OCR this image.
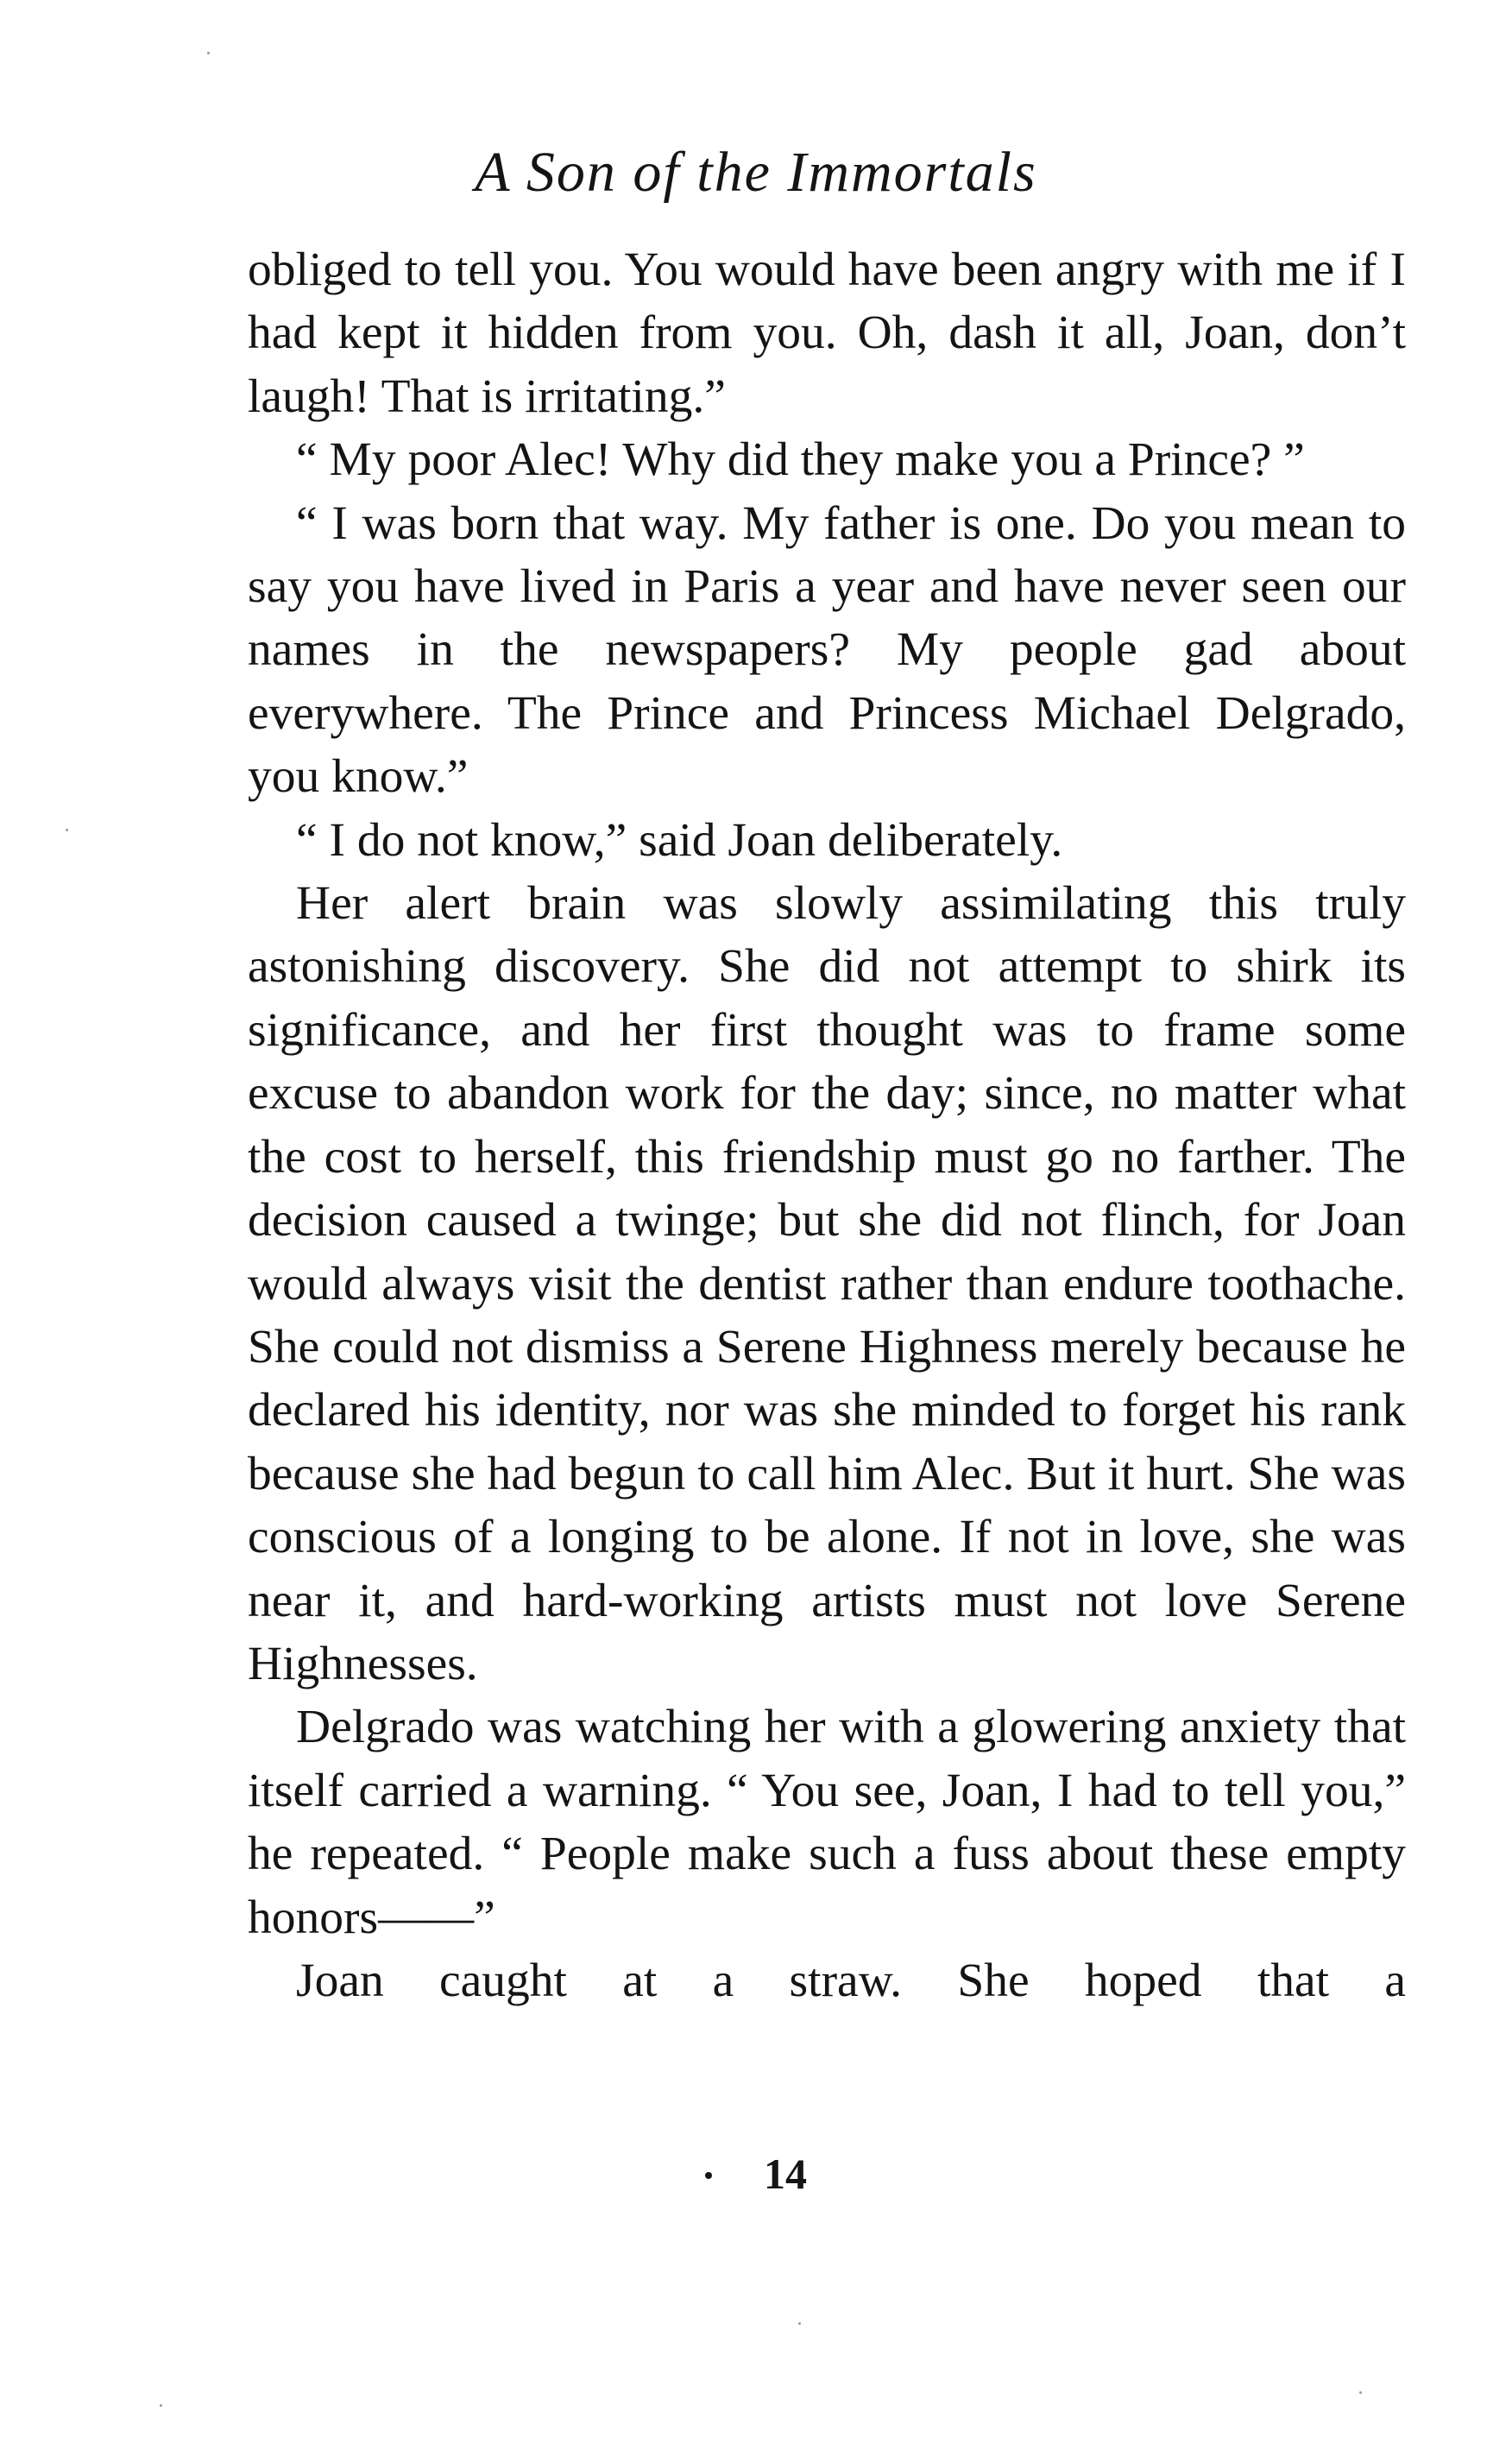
A Son of the Immortals

obliged to tell you. You would have been angry with me if I had kept it hidden from you. Oh, dash it all, Joan, don’t laugh! That is irritating.”

“ My poor Alec! Why did they make you a Prince? ”

“ I was born that way. My father is one. Do you mean to say you have lived in Paris a year and have never seen our names in the newspapers? My people gad about everywhere. The Prince and Princess Michael Delgrado, you know.”

“ I do not know,” said Joan deliberately.

Her alert brain was slowly assimilating this truly astonishing discovery. She did not attempt to shirk its significance, and her first thought was to frame some excuse to abandon work for the day; since, no matter what the cost to herself, this friendship must go no farther. The decision caused a twinge; but she did not flinch, for Joan would always visit the dentist rather than endure toothache. She could not dismiss a Serene Highness merely because he declared his identity, nor was she minded to forget his rank because she had begun to call him Alec. But it hurt. She was conscious of a longing to be alone. If not in love, she was near it, and hard-working artists must not love Serene Highnesses.

Delgrado was watching her with a glowering anxiety that itself carried a warning. “ You see, Joan, I had to tell you,” he repeated. “ People make such a fuss about these empty honors——”

Joan caught at a straw. She hoped that a

14
